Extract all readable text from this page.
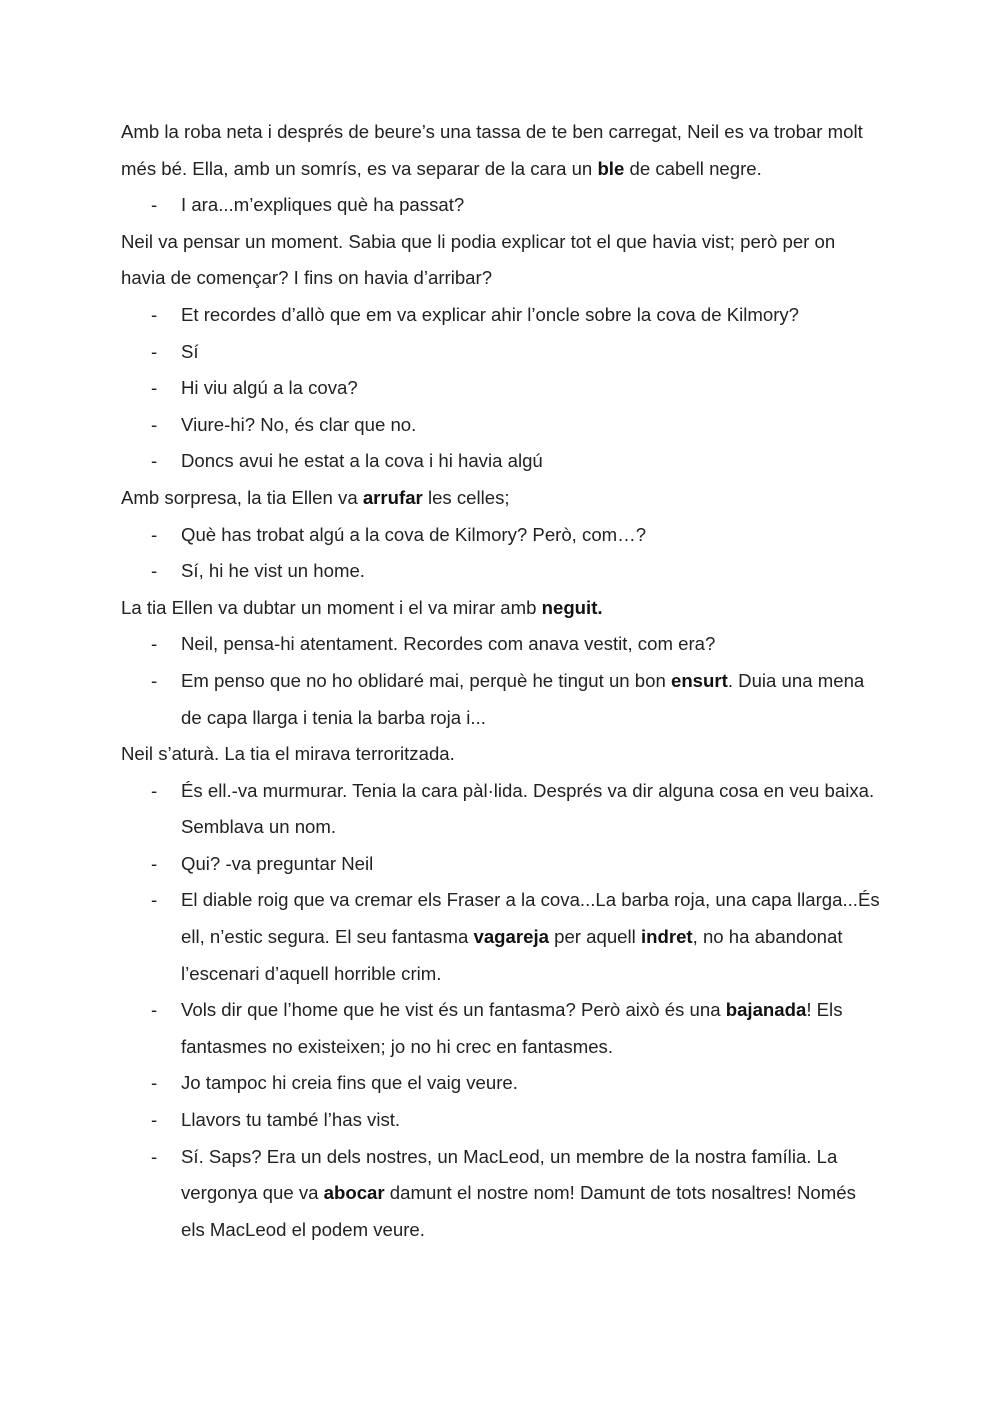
Amb la roba neta i després de beure’s una tassa de te ben carregat, Neil es va trobar molt més bé. Ella, amb un somrís, es va separar de la cara un ble de cabell negre.
- I ara...m’expliques què ha passat?
Neil va pensar un moment. Sabia que li podia explicar tot el que havia vist; però per on havia de començar? I fins on havia d’arribar?
- Et recordes d’allò que em va explicar ahir l’oncle sobre la cova de Kilmory?
- Sí
- Hi viu algú a la cova?
- Viure-hi? No, és clar que no.
- Doncs avui he estat a la cova i hi havia algú
Amb sorpresa, la tia Ellen va arrufar les celles;
- Què has trobat algú a la cova de Kilmory? Però, com…?
- Sí, hi he vist un home.
La tia Ellen va dubtar un moment i el va mirar amb neguit.
- Neil, pensa-hi atentament. Recordes com anava vestit, com era?
- Em penso que no ho oblidaré mai, perquè he tingut un bon ensurt. Duia una mena de capa llarga i tenia la barba roja i...
Neil s’aturà. La tia el mirava terroritzada.
- És ell.-va murmurar. Tenia la cara pàl·lida. Després va dir alguna cosa en veu baixa. Semblava un nom.
- Qui? -va preguntar Neil
- El diable roig que va cremar els Fraser a la cova...La barba roja, una capa llarga...És ell, n’estic segura. El seu fantasma vagareja per aquell indret, no ha abandonat l’escenari d’aquell horrible crim.
- Vols dir que l’home que he vist és un fantasma? Però això és una bajanada! Els fantasmes no existeixen; jo no hi crec en fantasmes.
- Jo tampoc hi creia fins que el vaig veure.
- Llavors tu també l’has vist.
- Sí. Saps? Era un dels nostres, un MacLeod, un membre de la nostra família. La vergonya que va abocar damunt el nostre nom! Damunt de tots nosaltres! Només els MacLeod el podem veure.
